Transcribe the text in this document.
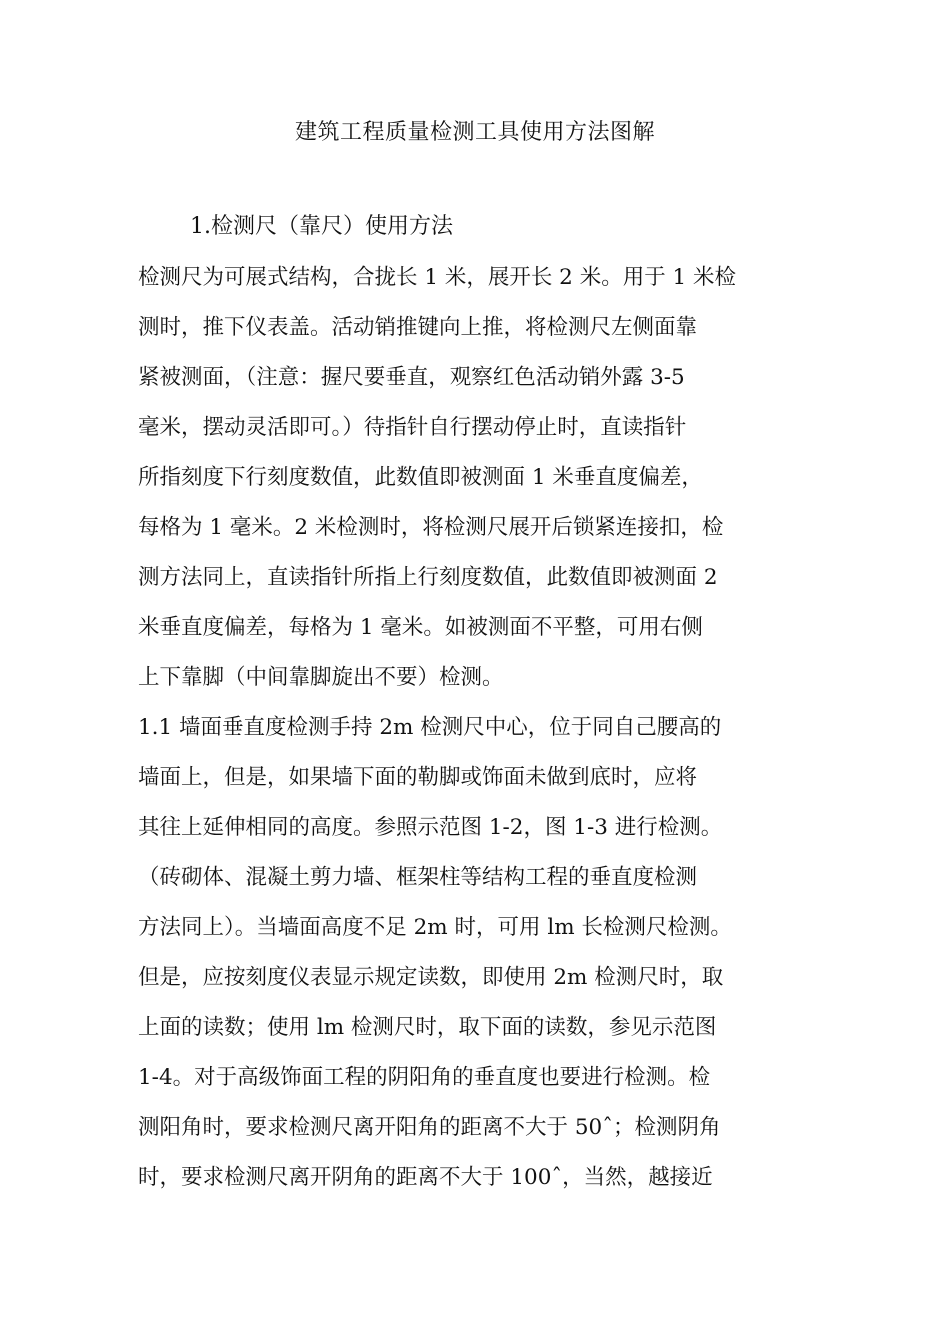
建筑工程质量检测工具使用方法图解
1.检测尺（靠尺）使用方法
检测尺为可展式结构，合拢长 1 米，展开长 2 米。用于 1 米检
测时，推下仪表盖。活动销推键向上推，将检测尺左侧面靠
紧被测面，（注意：握尺要垂直，观察红色活动销外露 3-5
毫米，摆动灵活即可。）待指针自行摆动停止时，直读指针
所指刻度下行刻度数值，此数值即被测面 1 米垂直度偏差，
每格为 1 毫米。2 米检测时，将检测尺展开后锁紧连接扣，检
测方法同上，直读指针所指上行刻度数值，此数值即被测面 2
米垂直度偏差，每格为 1 毫米。如被测面不平整，可用右侧
上下靠脚（中间靠脚旋出不要）检测。
1.1 墙面垂直度检测手持 2m 检测尺中心，位于同自己腰高的
墙面上，但是，如果墙下面的勒脚或饰面未做到底时，应将
其往上延伸相同的高度。参照示范图 1-2，图 1-3 进行检测。
（砖砌体、混凝土剪力墙、框架柱等结构工程的垂直度检测
方法同上）。当墙面高度不足 2m 时，可用 lm 长检测尺检测。
但是，应按刻度仪表显示规定读数，即使用 2m 检测尺时，取
上面的读数；使用 lm 检测尺时，取下面的读数，参见示范图
1-4。对于高级饰面工程的阴阳角的垂直度也要进行检测。检
测阳角时，要求检测尺离开阳角的距离不大于 50ˆ；检测阴角
时，要求检测尺离开阴角的距离不大于 100ˆ，当然，越接近
